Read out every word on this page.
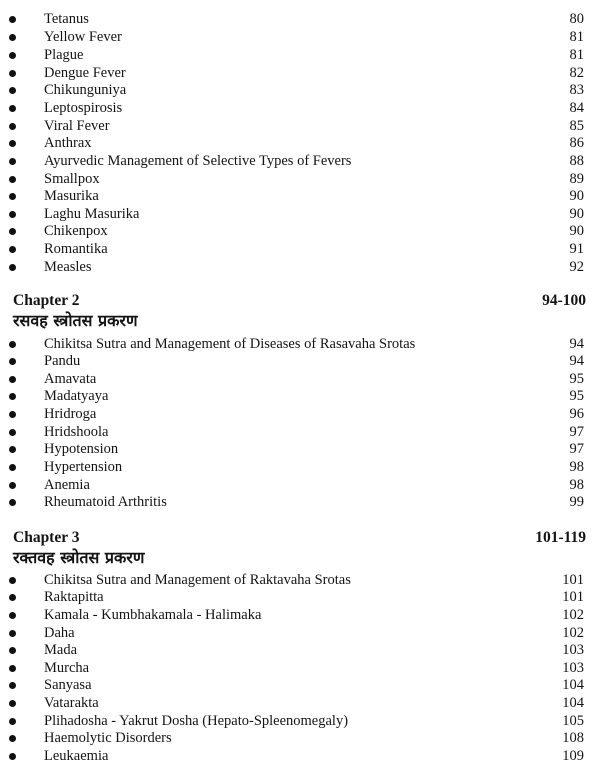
Tetanus	80
Yellow Fever	81
Plague	81
Dengue Fever	82
Chikunguniya	83
Leptospirosis	84
Viral Fever	85
Anthrax	86
Ayurvedic Management of Selective Types of Fevers	88
Smallpox	89
Masurika	90
Laghu Masurika	90
Chikenpox	90
Romantika	91
Measles	92
Chapter 2	94-100
रसवह स्त्रोतस प्रकरण
Chikitsa Sutra and Management of Diseases of Rasavaha Srotas	94
Pandu	94
Amavata	95
Madatyaya	95
Hridroga	96
Hridshoola	97
Hypotension	97
Hypertension	98
Anemia	98
Rheumatoid Arthritis	99
Chapter 3	101-119
रक्तवह स्त्रोतस प्रकरण
Chikitsa Sutra and Management of Raktavaha Srotas	101
Raktapitta	101
Kamala - Kumbhakamala - Halimaka	102
Daha	102
Mada	103
Murcha	103
Sanyasa	104
Vatarakta	104
Plihadosha - Yakrut Dosha (Hepato-Spleenomegaly)	105
Haemolytic Disorders	108
Leukaemia	109
